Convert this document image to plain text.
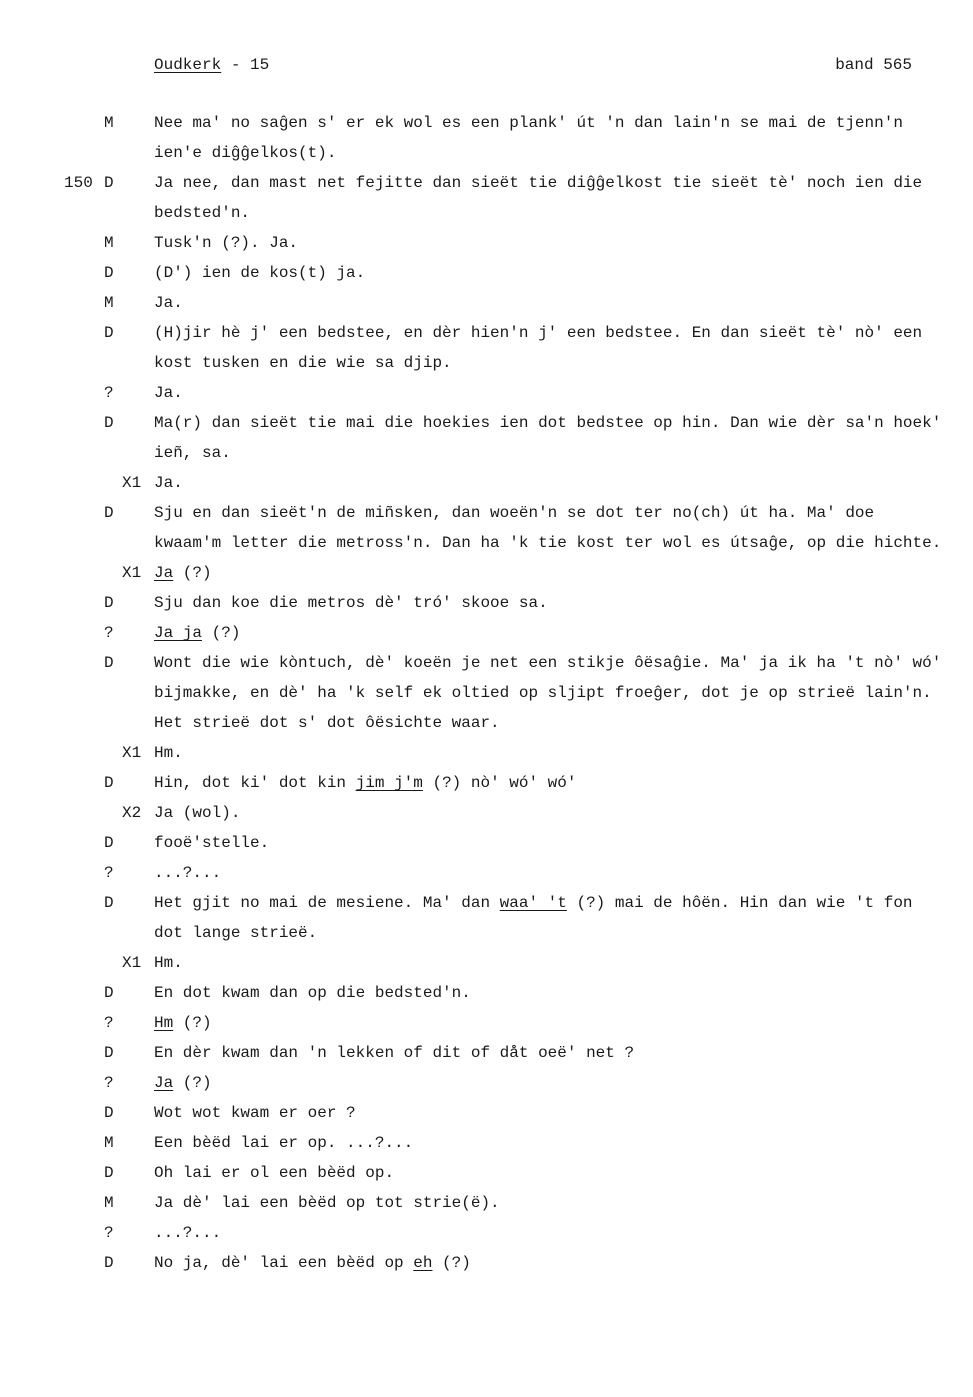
Oudkerk - 15	band 565
M	Nee ma' no saĝen s' er ek wol es een plank' út 'n dan lain'n se mai de tjenn'n ien'e diĝĝelkos(t).
150 D	Ja nee, dan mast net fejitte dan sieët tie diĝĝelkost tie sieët tè' noch ien die bedsted'n.
M	Tusk'n (?). Ja.
D	(D') ien de kos(t) ja.
M	Ja.
D	(H)jir hè j' een bedstee, en dèr hien'n j' een bedstee. En dan sieët tè' nò' een kost tusken en die wie sa djip.
?	Ja.
D	Ma(r) dan sieët tie mai die hoekies ien dot bedstee op hin. Dan wie dèr sa'n hoek' ieñ, sa.
X1 Ja.
D	Sju en dan sieët'n de miñsken, dan woeën'n se dot ter no(ch) út ha. Ma' doe kwaam'm letter die metross'n. Dan ha 'k tie kost ter wol es útsaĝe, op die hichte.
X1 Ja (?)
D	Sju dan koe die metros dè' tró' skooe sa.
?	Ja ja (?)
D	Wont die wie kòntuch, dè' koeën je net een stikje ôësaĝie. Ma' ja ik ha 't nò' wó' bijmakke, en dè' ha 'k self ek oltied op sljipt froeĝer, dot je op strieë lain'n. Het strieë dot s' dot ôësichte waar.
X1 Hm.
D	Hin, dot ki' dot kin jim j'm (?) nò' wó' wó'
X2 Ja (wol).
D	fooë'stelle.
?	...?...
D	Het gjit no mai de mesiene. Ma' dan waa' 't (?) mai de hôën. Hin dan wie 't fon dot lange strieë.
X1 Hm.
D	En dot kwam dan op die bedsted'n.
?	Hm (?)
D	En dèr kwam dan 'n lekken of dit of dåt oeë' net ?
?	Ja (?)
D	Wot wot kwam er oer ?
M	Een bèëd lai er op. ...?...
D	Oh lai er ol een bèëd op.
M	Ja dè' lai een bèëd op tot strie(ë).
?	...?...
D	No ja, dè' lai een bèëd op eh (?)
